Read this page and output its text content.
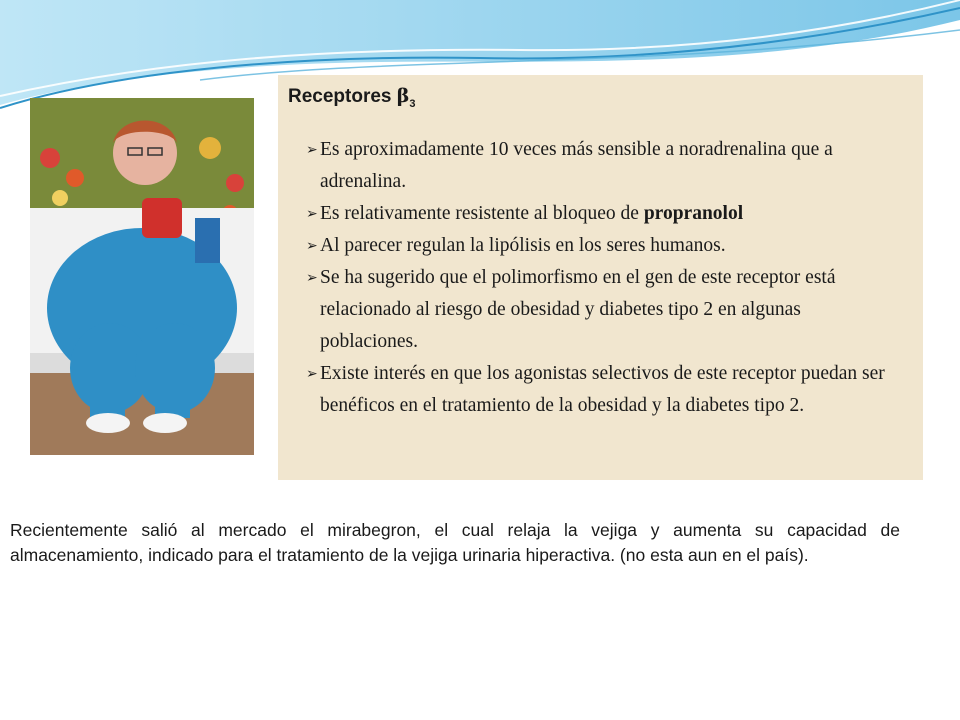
Receptores $\beta_3$
➢ Es aproximadamente 10 veces más sensible a noradrenalina que a adrenalina.
➢ Es relativamente resistente al bloqueo de propranolol
➢ Al parecer regulan la lipólisis en los seres humanos.
➢ Se ha sugerido que el polimorfismo en el gen de este receptor está relacionado al riesgo de obesidad y diabetes tipo 2 en algunas poblaciones.
➢ Existe interés en que los agonistas selectivos de este receptor puedan ser benéficos en el tratamiento de la obesidad y la diabetes tipo 2.

Recientemente salió al mercado el mirabegron, el cual relaja la vejiga y aumenta su capacidad de almacenamiento, indicado para el tratamiento de la vejiga urinaria hiperactiva. (no esta aun en el país).
